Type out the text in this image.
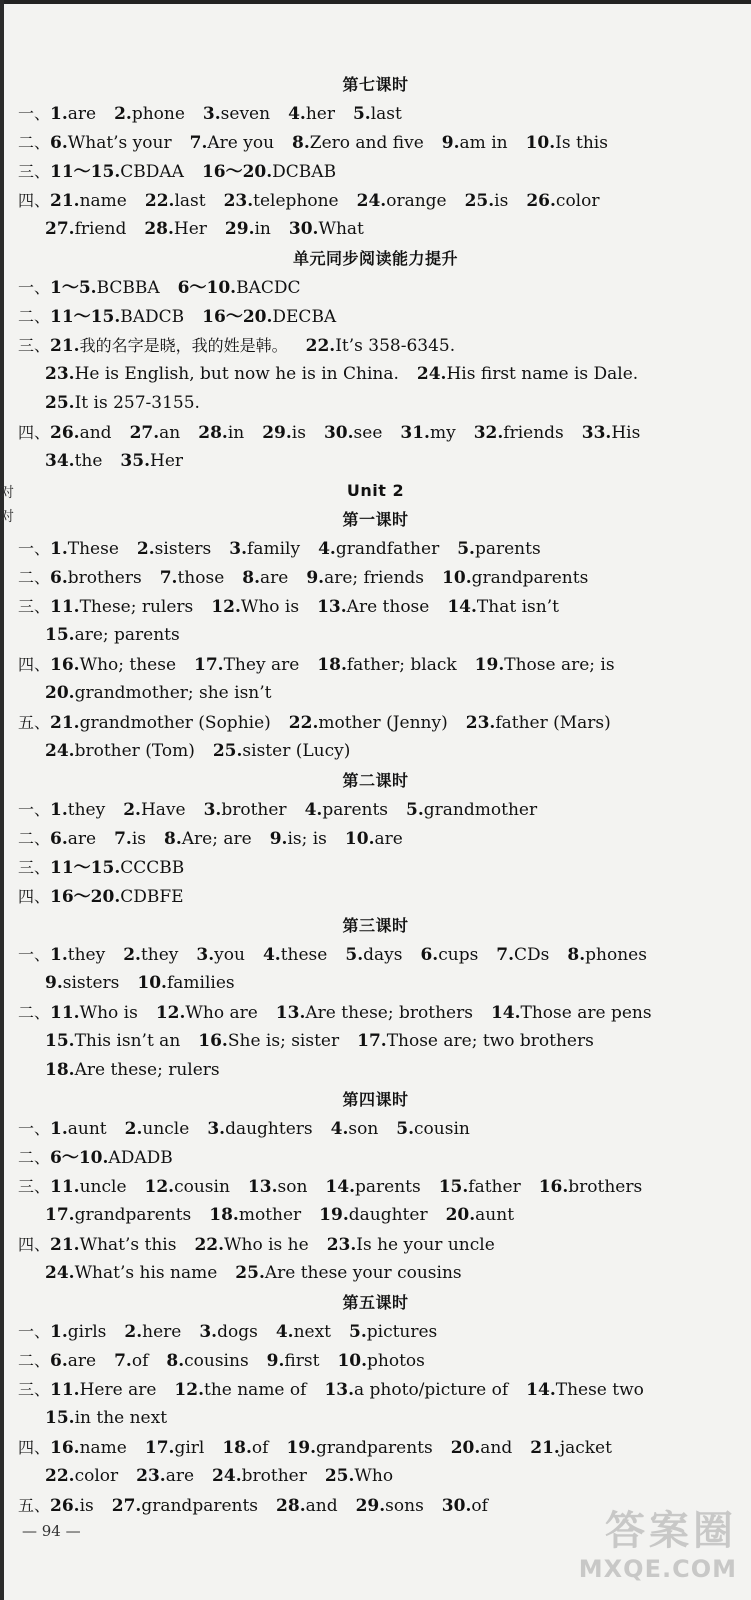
对
对
第七课时
一、1.are 2.phone 3.seven 4.her 5.last
二、6.What’s your 7.Are you 8.Zero and five 9.am in 10.Is this
三、11～15.CBDAA 16～20.DCBAB
四、21.name 22.last 23.telephone 24.orange 25.is 26.color
27.friend 28.Her 29.in 30.What
单元同步阅读能力提升
一、1～5.BCBBA 6～10.BACDC
二、11～15.BADCB 16～20.DECBA
三、21.我的名字是晓，我的姓是韩。 22.It’s 358-6345.
23.He is English, but now he is in China. 24.His first name is Dale.
25.It is 257-3155.
四、26.and 27.an 28.in 29.is 30.see 31.my 32.friends 33.His
34.the 35.Her
Unit 2
第一课时
一、1.These 2.sisters 3.family 4.grandfather 5.parents
二、6.brothers 7.those 8.are 9.are; friends 10.grandparents
三、11.These; rulers 12.Who is 13.Are those 14.That isn’t
15.are; parents
四、16.Who; these 17.They are 18.father; black 19.Those are; is
20.grandmother; she isn’t
五、21.grandmother (Sophie) 22.mother (Jenny) 23.father (Mars)
24.brother (Tom) 25.sister (Lucy)
第二课时
一、1.they 2.Have 3.brother 4.parents 5.grandmother
二、6.are 7.is 8.Are; are 9.is; is 10.are
三、11～15.CCCBB
四、16～20.CDBFE
第三课时
一、1.they 2.they 3.you 4.these 5.days 6.cups 7.CDs 8.phones
9.sisters 10.families
二、11.Who is 12.Who are 13.Are these; brothers 14.Those are pens
15.This isn’t an 16.She is; sister 17.Those are; two brothers
18.Are these; rulers
第四课时
一、1.aunt 2.uncle 3.daughters 4.son 5.cousin
二、6～10.ADADB
三、11.uncle 12.cousin 13.son 14.parents 15.father 16.brothers
17.grandparents 18.mother 19.daughter 20.aunt
四、21.What’s this 22.Who is he 23.Is he your uncle
24.What’s his name 25.Are these your cousins
第五课时
一、1.girls 2.here 3.dogs 4.next 5.pictures
二、6.are 7.of 8.cousins 9.first 10.photos
三、11.Here are 12.the name of 13.a photo/picture of 14.These two
15.in the next
四、16.name 17.girl 18.of 19.grandparents 20.and 21.jacket
22.color 23.are 24.brother 25.Who
五、26.is 27.grandparents 28.and 29.sons 30.of
— 94 —	答案圈
MXQE.COM
